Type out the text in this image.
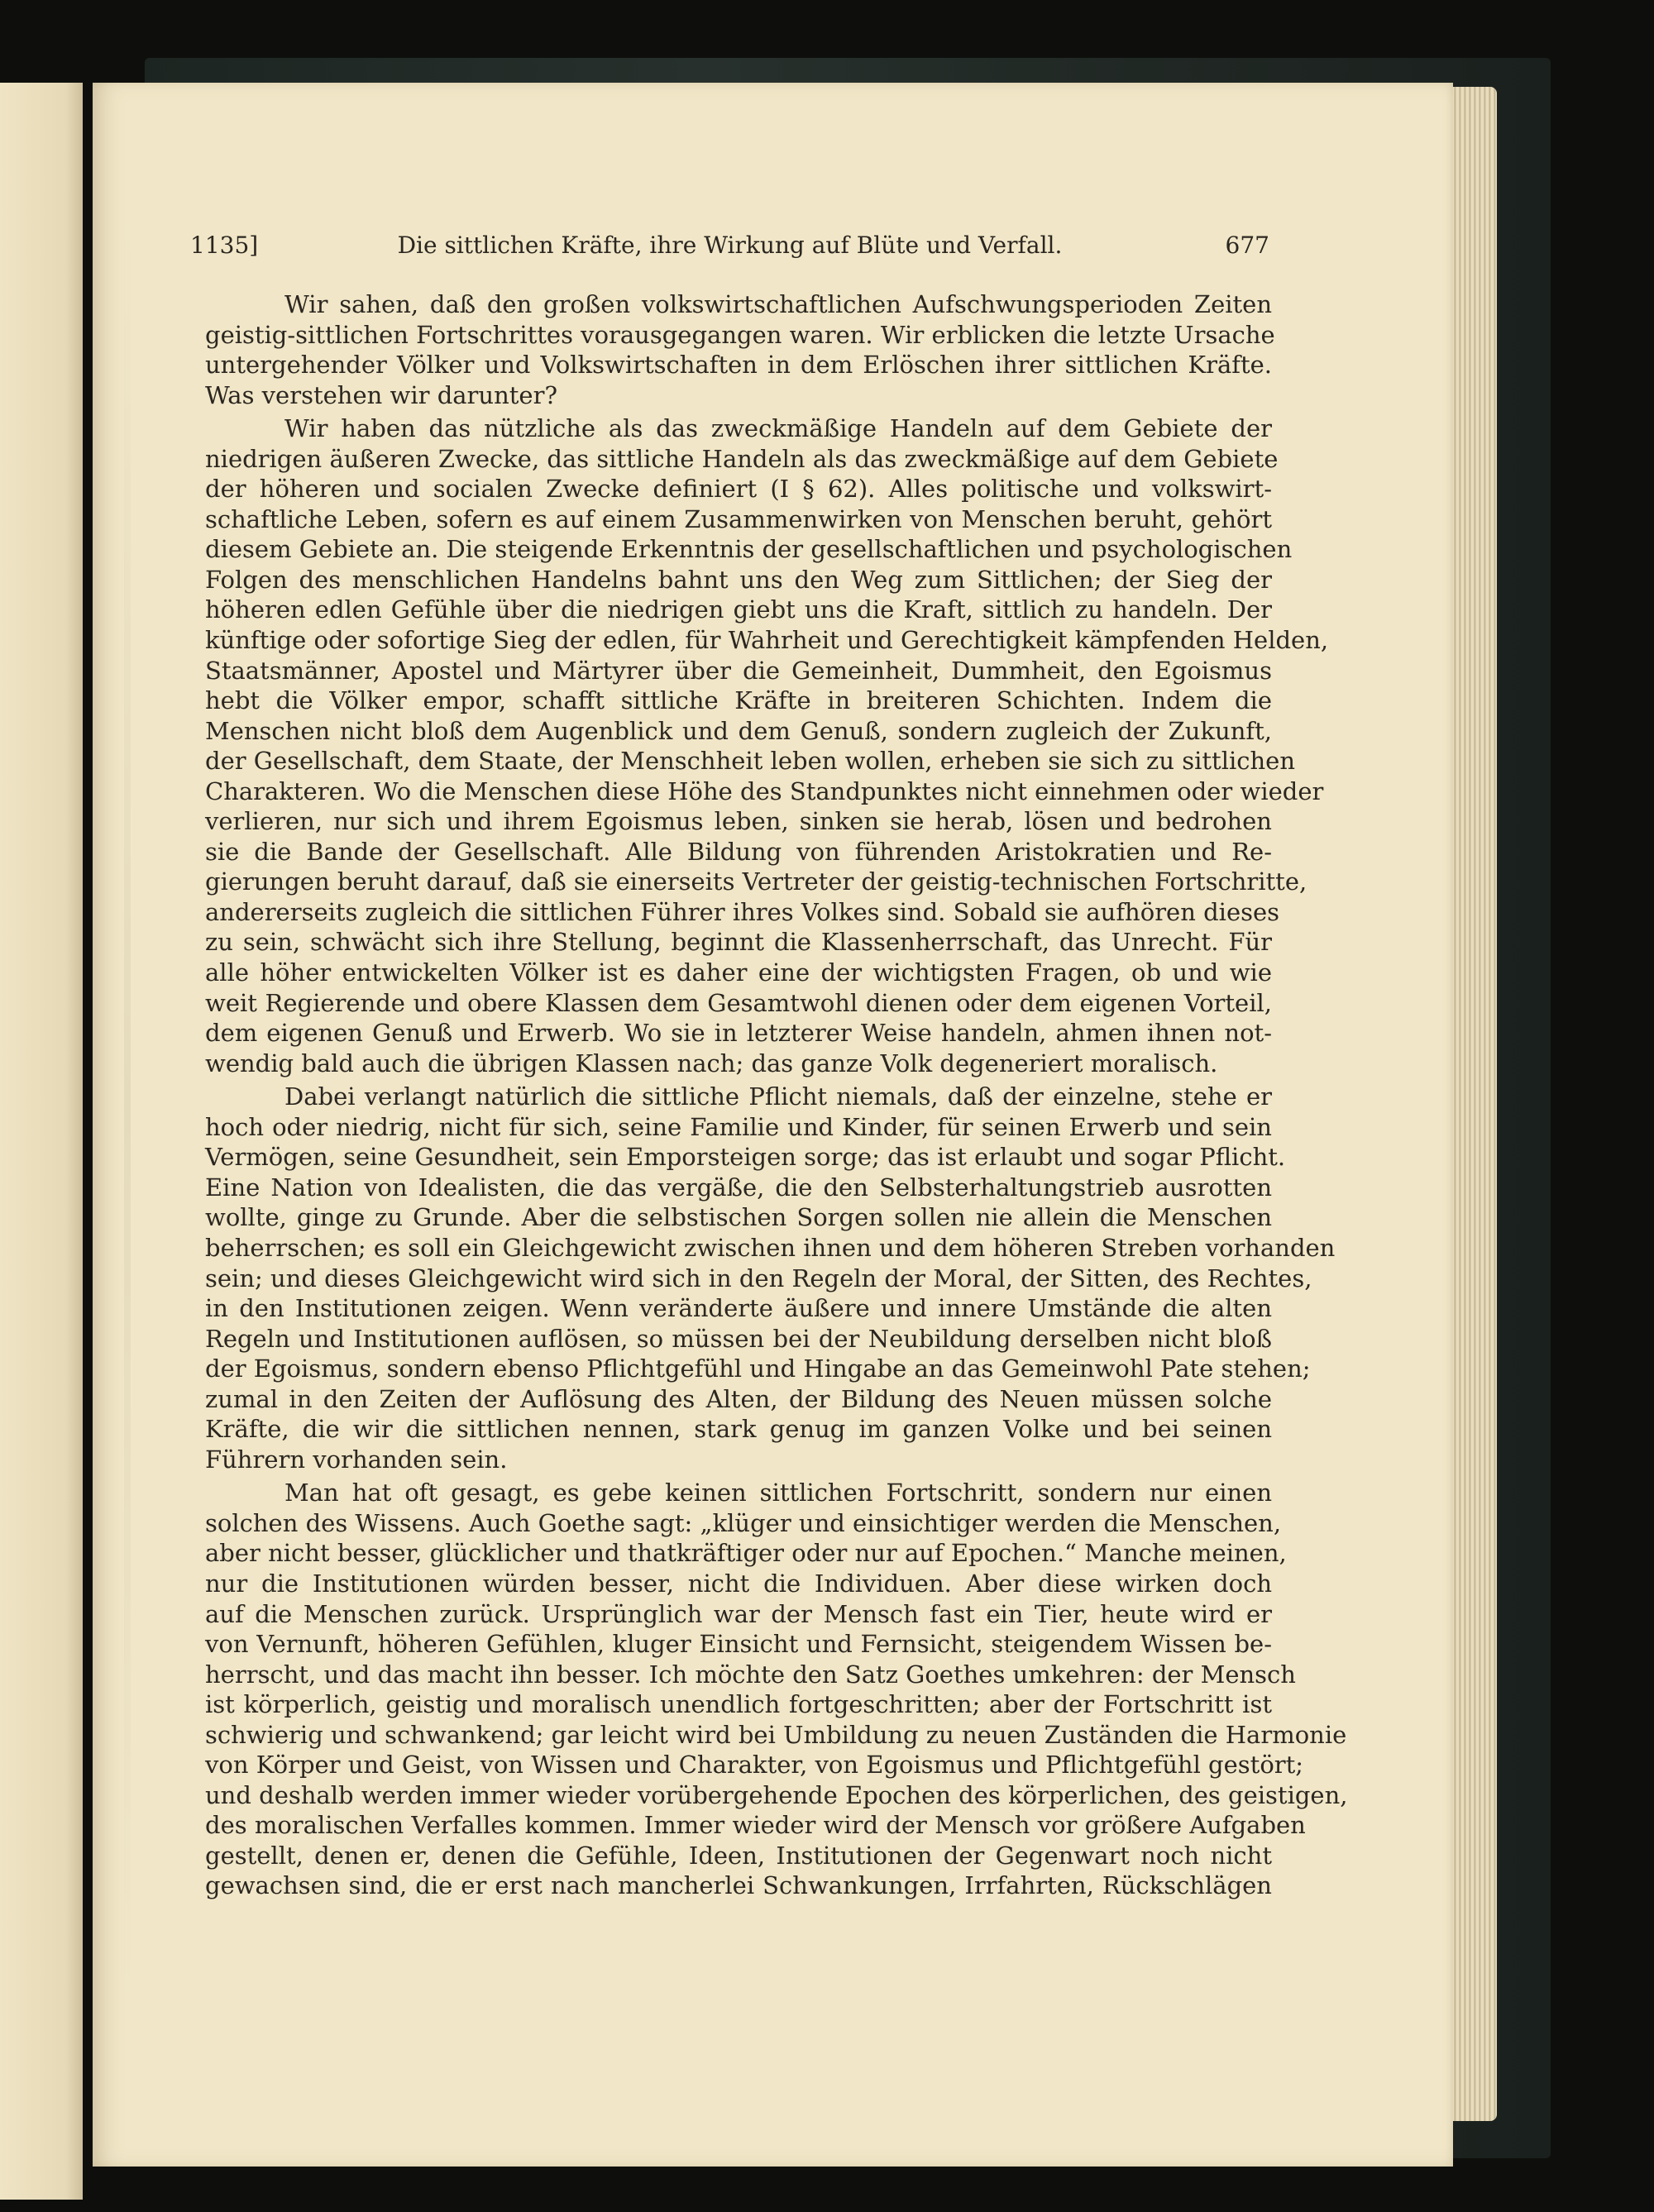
1135]	Die sittlichen Kräfte, ihre Wirkung auf Blüte und Verfall.	677
Wir sahen, daß den großen volkswirtschaftlichen Aufschwungsperioden Zeiten
geistig-sittlichen Fortschrittes vorausgegangen waren. Wir erblicken die letzte Ursache
untergehender Völker und Volkswirtschaften in dem Erlöschen ihrer sittlichen Kräfte.
Was verstehen wir darunter?
Wir haben das nützliche als das zweckmäßige Handeln auf dem Gebiete der
niedrigen äußeren Zwecke, das sittliche Handeln als das zweckmäßige auf dem Gebiete
der höheren und socialen Zwecke definiert (I § 62). Alles politische und volkswirt-
schaftliche Leben, sofern es auf einem Zusammenwirken von Menschen beruht, gehört
diesem Gebiete an. Die steigende Erkenntnis der gesellschaftlichen und psychologischen
Folgen des menschlichen Handelns bahnt uns den Weg zum Sittlichen; der Sieg der
höheren edlen Gefühle über die niedrigen giebt uns die Kraft, sittlich zu handeln. Der
künftige oder sofortige Sieg der edlen, für Wahrheit und Gerechtigkeit kämpfenden Helden,
Staatsmänner, Apostel und Märtyrer über die Gemeinheit, Dummheit, den Egoismus
hebt die Völker empor, schafft sittliche Kräfte in breiteren Schichten. Indem die
Menschen nicht bloß dem Augenblick und dem Genuß, sondern zugleich der Zukunft,
der Gesellschaft, dem Staate, der Menschheit leben wollen, erheben sie sich zu sittlichen
Charakteren. Wo die Menschen diese Höhe des Standpunktes nicht einnehmen oder wieder
verlieren, nur sich und ihrem Egoismus leben, sinken sie herab, lösen und bedrohen
sie die Bande der Gesellschaft. Alle Bildung von führenden Aristokratien und Re-
gierungen beruht darauf, daß sie einerseits Vertreter der geistig-technischen Fortschritte,
andererseits zugleich die sittlichen Führer ihres Volkes sind. Sobald sie aufhören dieses
zu sein, schwächt sich ihre Stellung, beginnt die Klassenherrschaft, das Unrecht. Für
alle höher entwickelten Völker ist es daher eine der wichtigsten Fragen, ob und wie
weit Regierende und obere Klassen dem Gesamtwohl dienen oder dem eigenen Vorteil,
dem eigenen Genuß und Erwerb. Wo sie in letzterer Weise handeln, ahmen ihnen not-
wendig bald auch die übrigen Klassen nach; das ganze Volk degeneriert moralisch.
Dabei verlangt natürlich die sittliche Pflicht niemals, daß der einzelne, stehe er
hoch oder niedrig, nicht für sich, seine Familie und Kinder, für seinen Erwerb und sein
Vermögen, seine Gesundheit, sein Emporsteigen sorge; das ist erlaubt und sogar Pflicht.
Eine Nation von Idealisten, die das vergäße, die den Selbsterhaltungstrieb ausrotten
wollte, ginge zu Grunde. Aber die selbstischen Sorgen sollen nie allein die Menschen
beherrschen; es soll ein Gleichgewicht zwischen ihnen und dem höheren Streben vorhanden
sein; und dieses Gleichgewicht wird sich in den Regeln der Moral, der Sitten, des Rechtes,
in den Institutionen zeigen. Wenn veränderte äußere und innere Umstände die alten
Regeln und Institutionen auflösen, so müssen bei der Neubildung derselben nicht bloß
der Egoismus, sondern ebenso Pflichtgefühl und Hingabe an das Gemeinwohl Pate stehen;
zumal in den Zeiten der Auflösung des Alten, der Bildung des Neuen müssen solche
Kräfte, die wir die sittlichen nennen, stark genug im ganzen Volke und bei seinen
Führern vorhanden sein.
Man hat oft gesagt, es gebe keinen sittlichen Fortschritt, sondern nur einen
solchen des Wissens. Auch Goethe sagt: „klüger und einsichtiger werden die Menschen,
aber nicht besser, glücklicher und thatkräftiger oder nur auf Epochen.“ Manche meinen,
nur die Institutionen würden besser, nicht die Individuen. Aber diese wirken doch
auf die Menschen zurück. Ursprünglich war der Mensch fast ein Tier, heute wird er
von Vernunft, höheren Gefühlen, kluger Einsicht und Fernsicht, steigendem Wissen be-
herrscht, und das macht ihn besser. Ich möchte den Satz Goethes umkehren: der Mensch
ist körperlich, geistig und moralisch unendlich fortgeschritten; aber der Fortschritt ist
schwierig und schwankend; gar leicht wird bei Umbildung zu neuen Zuständen die Harmonie
von Körper und Geist, von Wissen und Charakter, von Egoismus und Pflichtgefühl gestört;
und deshalb werden immer wieder vorübergehende Epochen des körperlichen, des geistigen,
des moralischen Verfalles kommen. Immer wieder wird der Mensch vor größere Aufgaben
gestellt, denen er, denen die Gefühle, Ideen, Institutionen der Gegenwart noch nicht
gewachsen sind, die er erst nach mancherlei Schwankungen, Irrfahrten, Rückschlägen
